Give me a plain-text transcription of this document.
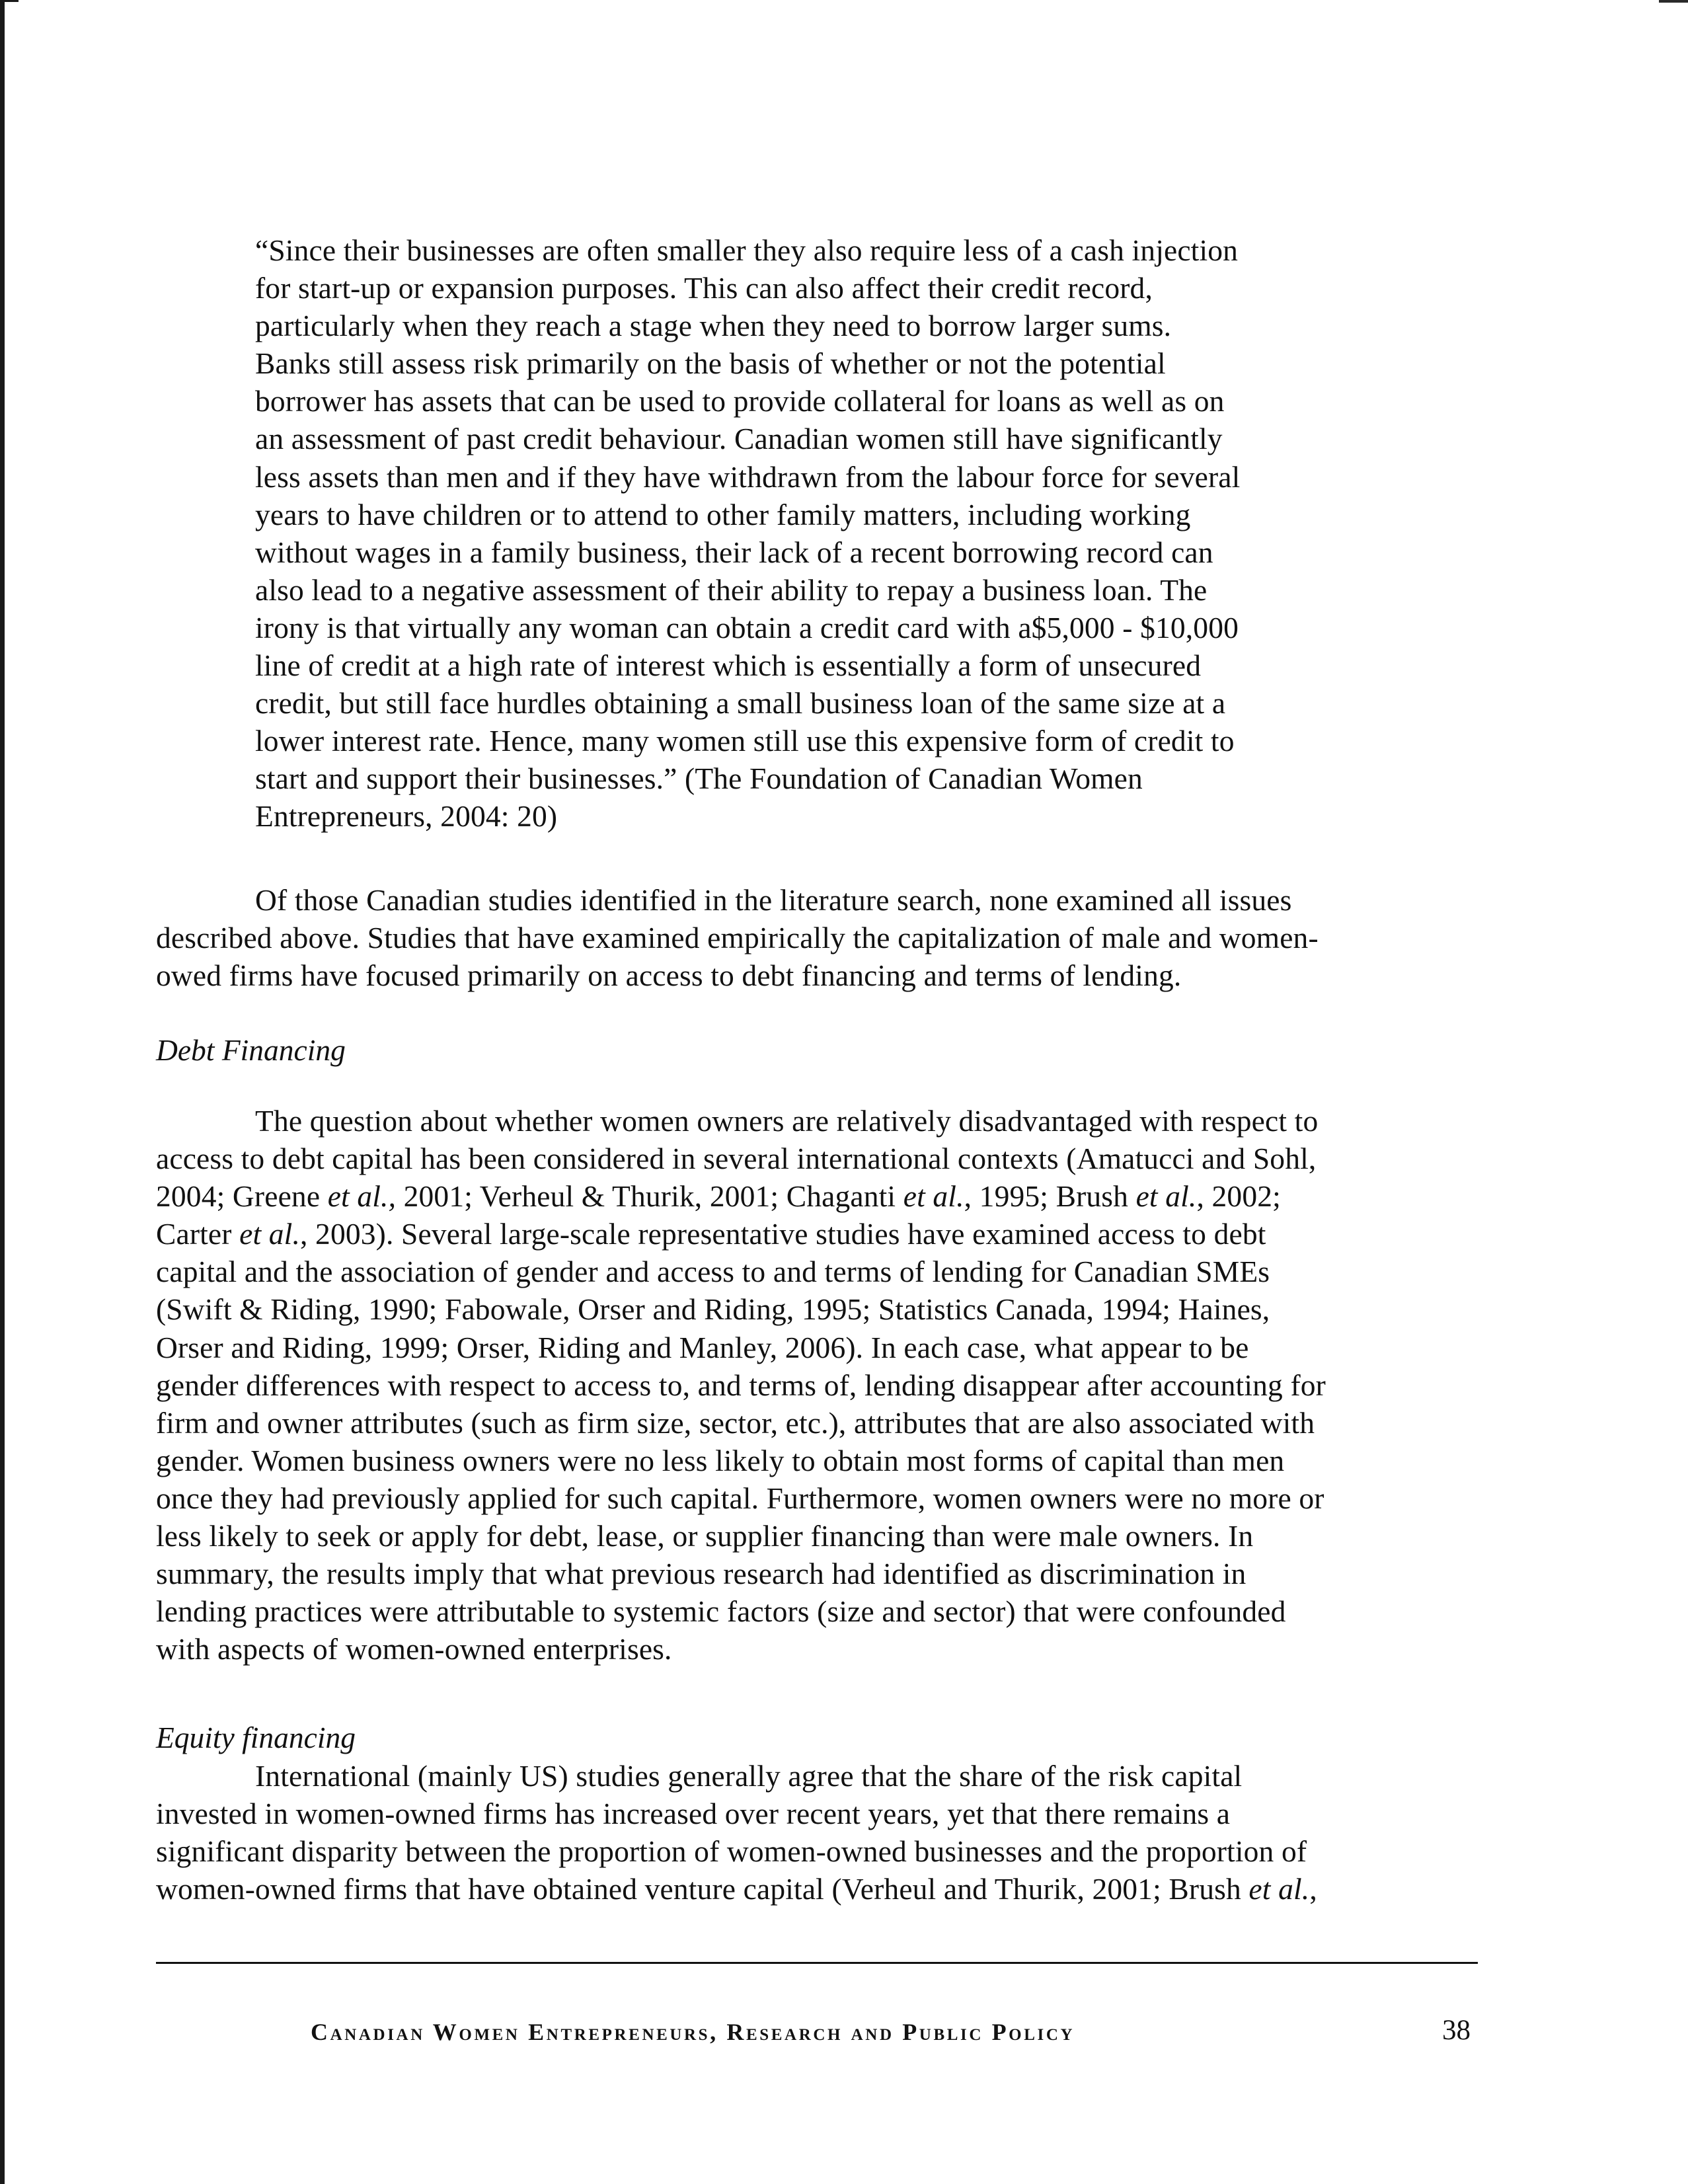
“Since their businesses are often smaller they also require less of a cash injection
for start-up or expansion purposes. This can also affect their credit record,
particularly when they reach a stage when they need to borrow larger sums.
Banks still assess risk primarily on the basis of whether or not the potential
borrower has assets that can be used to provide collateral for loans as well as on
an assessment of past credit behaviour. Canadian women still have significantly
less assets than men and if they have withdrawn from the labour force for several
years to have children or to attend to other family matters, including working
without wages in a family business, their lack of a recent borrowing record can
also lead to a negative assessment of their ability to repay a business loan. The
irony is that virtually any woman can obtain a credit card with a$5,000 - $10,000
line of credit at a high rate of interest which is essentially a form of unsecured
credit, but still face hurdles obtaining a small business loan of the same size at a
lower interest rate. Hence, many women still use this expensive form of credit to
start and support their businesses.” (The Foundation of Canadian Women
Entrepreneurs, 2004: 20)
Of those Canadian studies identified in the literature search, none examined all issues
described above. Studies that have examined empirically the capitalization of male and women-
owed firms have focused primarily on access to debt financing and terms of lending.
Debt Financing
The question about whether women owners are relatively disadvantaged with respect to
access to debt capital has been considered in several international contexts (Amatucci and Sohl,
2004; Greene et al., 2001; Verheul & Thurik, 2001; Chaganti et al., 1995; Brush et al., 2002;
Carter et al., 2003). Several large-scale representative studies have examined access to debt
capital and the association of gender and access to and terms of lending for Canadian SMEs
(Swift & Riding, 1990; Fabowale, Orser and Riding, 1995; Statistics Canada, 1994; Haines,
Orser and Riding, 1999; Orser, Riding and Manley, 2006). In each case, what appear to be
gender differences with respect to access to, and terms of, lending disappear after accounting for
firm and owner attributes (such as firm size, sector, etc.), attributes that are also associated with
gender. Women business owners were no less likely to obtain most forms of capital than men
once they had previously applied for such capital. Furthermore, women owners were no more or
less likely to seek or apply for debt, lease, or supplier financing than were male owners. In
summary, the results imply that what previous research had identified as discrimination in
lending practices were attributable to systemic factors (size and sector) that were confounded
with aspects of women-owned enterprises.
Equity financing
International (mainly US) studies generally agree that the share of the risk capital
invested in women-owned firms has increased over recent years, yet that there remains a
significant disparity between the proportion of women-owned businesses and the proportion of
women-owned firms that have obtained venture capital (Verheul and Thurik, 2001; Brush et al.,
Canadian Women Entrepreneurs, Research and Public Policy	38
